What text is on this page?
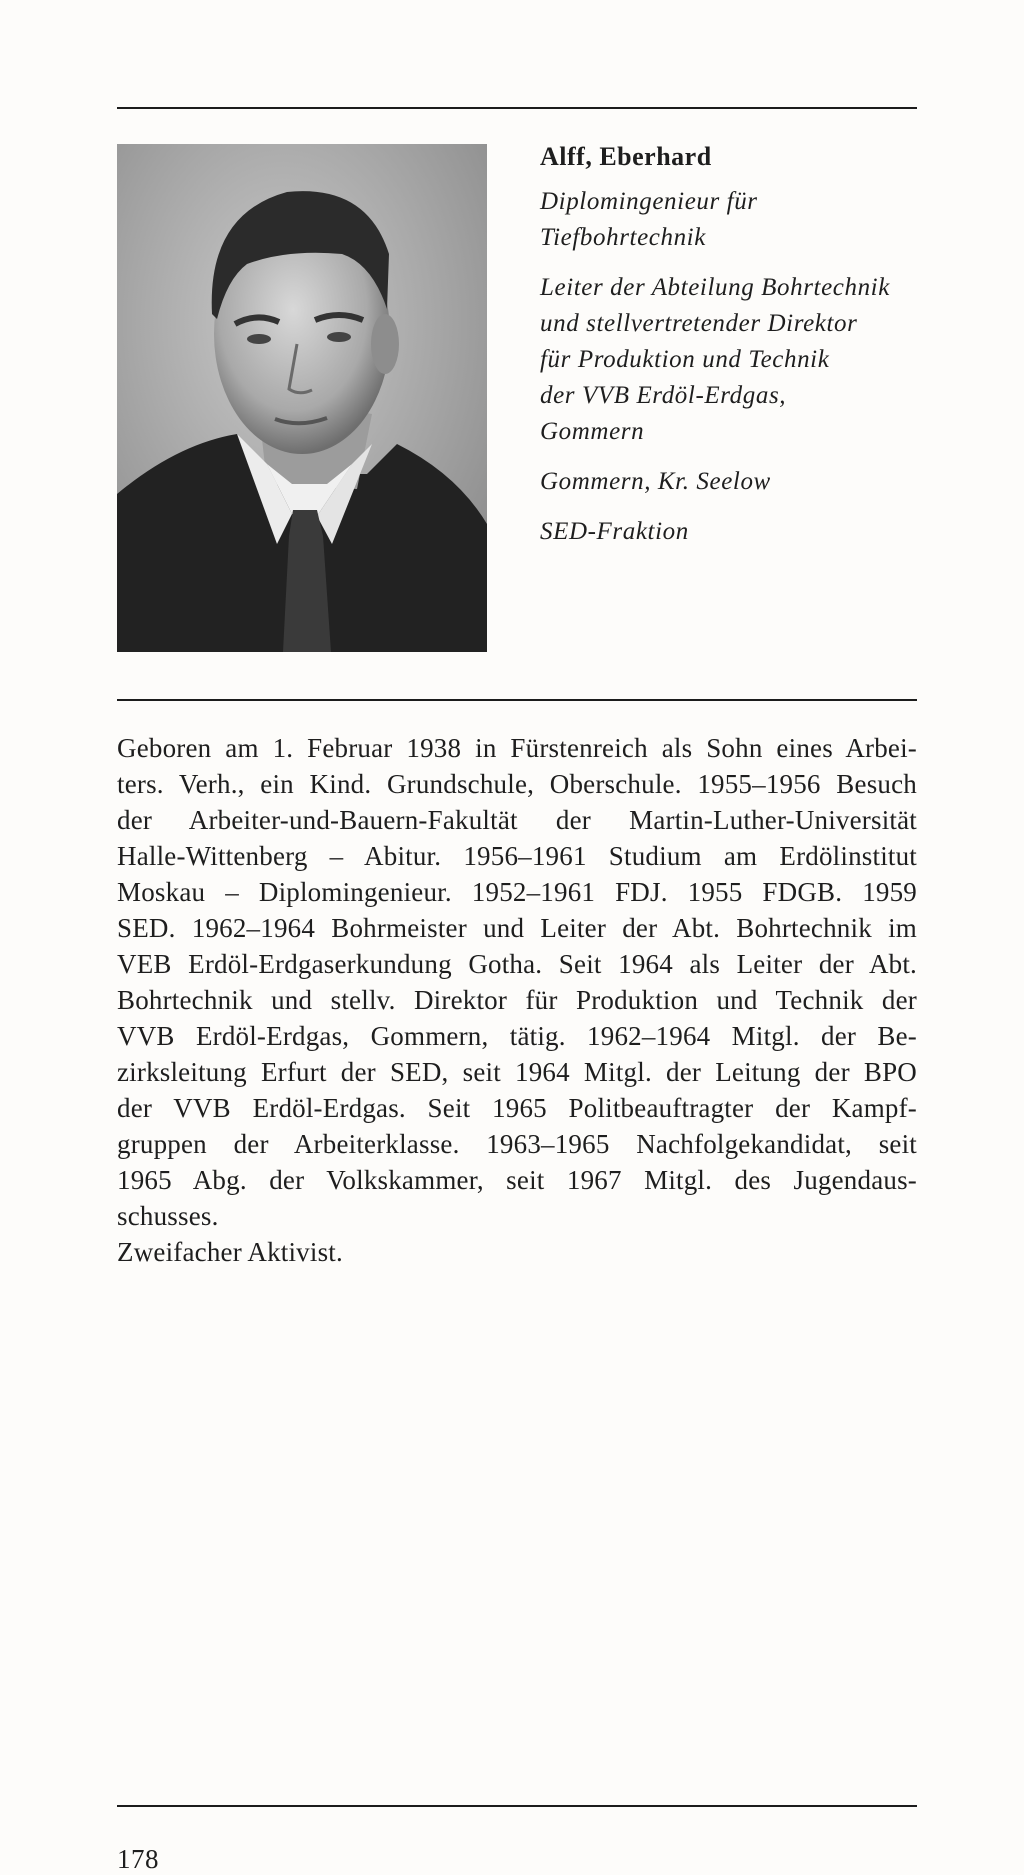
Alff, Eberhard
Diplomingenieur für
Tiefbohrtechnik
Leiter der Abteilung Bohrtechnik
und stellvertretender Direktor
für Produktion und Technik
der VVB Erdöl-Erdgas,
Gommern
Gommern, Kr. Seelow
SED-Fraktion
Geboren am 1. Februar 1938 in Fürstenreich als Sohn eines Arbei-
ters. Verh., ein Kind. Grundschule, Oberschule. 1955–1956 Besuch
der Arbeiter-und-Bauern-Fakultät der Martin-Luther-Universität
Halle-Wittenberg – Abitur. 1956–1961 Studium am Erdölinstitut
Moskau – Diplomingenieur. 1952–1961 FDJ. 1955 FDGB. 1959
SED. 1962–1964 Bohrmeister und Leiter der Abt. Bohrtechnik im
VEB Erdöl-Erdgaserkundung Gotha. Seit 1964 als Leiter der Abt.
Bohrtechnik und stellv. Direktor für Produktion und Technik der
VVB Erdöl-Erdgas, Gommern, tätig. 1962–1964 Mitgl. der Be-
zirksleitung Erfurt der SED, seit 1964 Mitgl. der Leitung der BPO
der VVB Erdöl-Erdgas. Seit 1965 Politbeauftragter der Kampf-
gruppen der Arbeiterklasse. 1963–1965 Nachfolgekandidat, seit
1965 Abg. der Volkskammer, seit 1967 Mitgl. des Jugendaus-
schusses.
Zweifacher Aktivist.
178
